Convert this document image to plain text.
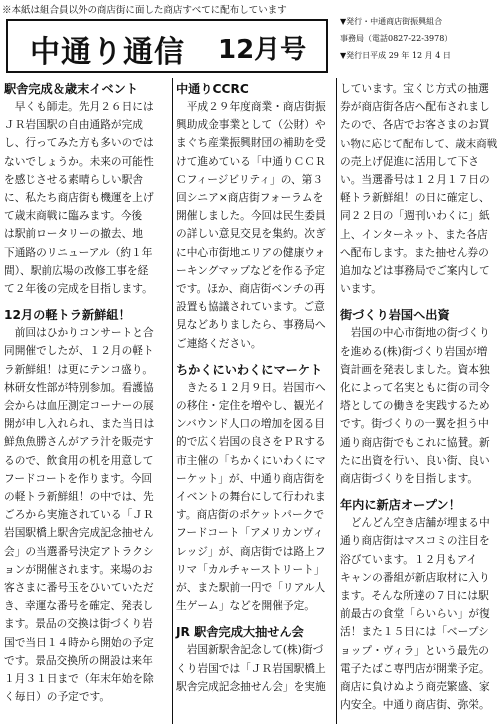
※本紙は組合員以外の商店街に面した商店すべてに配布しています
中通り通信 12月号
▼発行・中通商店街振興組合
事務局（電話0827-22-3978）
▼発行日平成 29 年 12 月 4 日
駅舎完成＆歳末イベント

　早くも師走。先月２６日には

ＪＲ岩国駅の自由通路が完成

し、行ってみた方も多いのでは

ないでしょうか。未来の可能性

を感じさせる素晴らしい駅舎

に、私たち商店街も機運を上げ

て歳末商戦に臨みます。今後

は駅前ロータリーの撤去、地

下通路のリニューアル（約１年

間）、駅前広場の改修工事を経

て２年後の完成を目指します。

12月の軽トラ新鮮組！

　前回はひかりコンサートと合

同開催でしたが、１２月の軽ト

ラ新鮮組！は更にテンコ盛り。

林研女性部が特別参加。看護協

会からは血圧測定コーナーの展

開が申し入れられ、また当日は

鮮魚魚勝さんがアラ汁を販売す

るので、飲食用の机を用意して

フードコートを作ります。今回

の軽トラ新鮮組！の中では、先

ごろから実施されている「ＪＲ

岩国駅橋上駅舎完成記念抽せん

会」の当選番号決定アトラクシ

ョンが開催されます。来場のお

客さまに番号玉をひいていただ

き、幸運な番号を確定、発表し

ます。景品の交換は街づくり岩

国で当日１４時から開始の予定

です。景品交換所の開設は来年

１月３１日まで（年末年始を除

く毎日）の予定です。

中通りCCRC

　平成２９年度商業・商店街振

興助成金事業として（公財）や

まぐち産業振興財団の補助を受

けて進めている「中通りＣＣＲ

Ｃフィージビリティ」の、第３

回シニア×商店街フォーラムを

開催しました。今回は民生委員

の詳しい意見交見を集約。次ぎ

に中心市街地エリアの健康ウォ

ーキングマップなどを作る予定

です。ほか、商店街ベンチの再

設置も協議されています。ご意

見などありましたら、事務局へ

ご連絡ください。

ちかくにいわくにマーケト

　きたる１２月９日。岩国市へ

の移住・定住を増やし、観光イ

ンバウンド人口の増加を図る目

的で広く岩国の良さをＰＲする

市主催の「ちかくにいわくにマ

ーケット」が、中通り商店街を

イベントの舞台にして行われま

す。商店街のポケットパークで

フードコート「アメリカンヴィ

レッジ」が、商店街では路上フ

リマ「カルチャーストリート」

が、また駅前一円で「リアル人

生ゲーム」などを開催予定。

JR 駅舎完成大抽せん会

　岩国新駅舎記念して(株)街づ

くり岩国では「ＪＲ岩国駅橋上

駅舎完成記念抽せん会」を実施

しています。宝くじ方式の抽選

券が商店街各店へ配布されまし

たので、各店でお客さまのお買

い物に応じて配布して、歳末商戦

の売上げ促進に活用して下さ

い。当選番号は１２月１７日の

軽トラ新鮮組！の日に確定し、

同２２日の「週刊いわくに」紙

上、インターネット、また各店

へ配布します。また抽せん券の

追加などは事務局でご案内して

います。

街づくり岩国へ出資

　岩国の中心市街地の街づくり

を進める(株)街づくり岩国が増

資計画を発表しました。資本独

化によって名実ともに街の司令

塔としての働きを実践するため

です。街づくりの一翼を担う中

通り商店街でもこれに協賛。新

たに出資を行い、良い街、良い

商店街づくりを目指します。

年内に新店オープン！

　どんどん空き店舗が埋まる中

通り商店街はマスコミの注目を

浴びています。１２月もアイ

キャンの番組が新店取材に入り

ます。そんな所達の７日には駅

前最古の食堂「らいらい」が復

活！また１５日には「ベープシ

ョップ・ヴィラ」という最先の

電子たばこ専門店が開業予定。

商店に負けぬよう商売繁盛、家

内安全。中通り商店街、弥栄。
